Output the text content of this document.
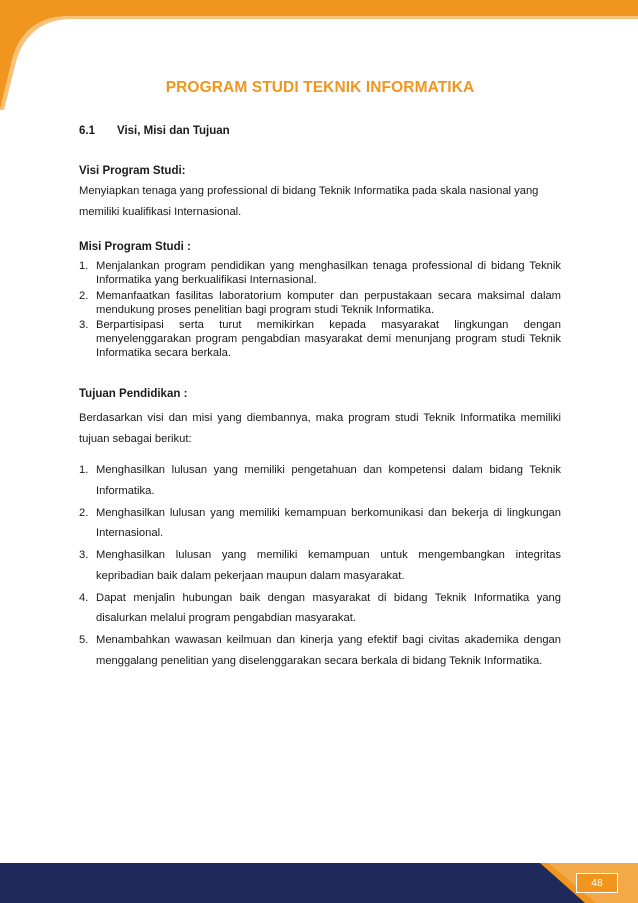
PROGRAM STUDI TEKNIK INFORMATIKA
6.1 Visi, Misi dan Tujuan
Visi Program Studi:
Menyiapkan tenaga yang professional di bidang Teknik Informatika pada skala nasional yang memiliki kualifikasi Internasional.
Misi Program Studi :
1. Menjalankan program pendidikan yang menghasilkan tenaga professional di bidang Teknik Informatika yang berkualifikasi Internasional.
2. Memanfaatkan fasilitas laboratorium komputer dan perpustakaan secara maksimal dalam mendukung proses penelitian bagi program studi Teknik Informatika.
3. Berpartisipasi serta turut memikirkan kepada masyarakat lingkungan dengan menyelenggarakan program pengabdian masyarakat demi menunjang program studi Teknik Informatika secara berkala.
Tujuan Pendidikan :
Berdasarkan visi dan misi yang diembannya, maka program studi Teknik Informatika memiliki tujuan sebagai berikut:
1. Menghasilkan lulusan yang memiliki pengetahuan dan kompetensi dalam bidang Teknik Informatika.
2. Menghasilkan lulusan yang memiliki kemampuan berkomunikasi dan bekerja di lingkungan Internasional.
3. Menghasilkan lulusan yang memiliki kemampuan untuk mengembangkan integritas kepribadian baik dalam pekerjaan maupun dalam masyarakat.
4. Dapat menjalin hubungan baik dengan masyarakat di bidang Teknik Informatika yang disalurkan melalui program pengabdian masyarakat.
5. Menambahkan wawasan keilmuan dan kinerja yang efektif bagi civitas akademika dengan menggalang penelitian yang diselenggarakan secara berkala di bidang Teknik Informatika.
48
